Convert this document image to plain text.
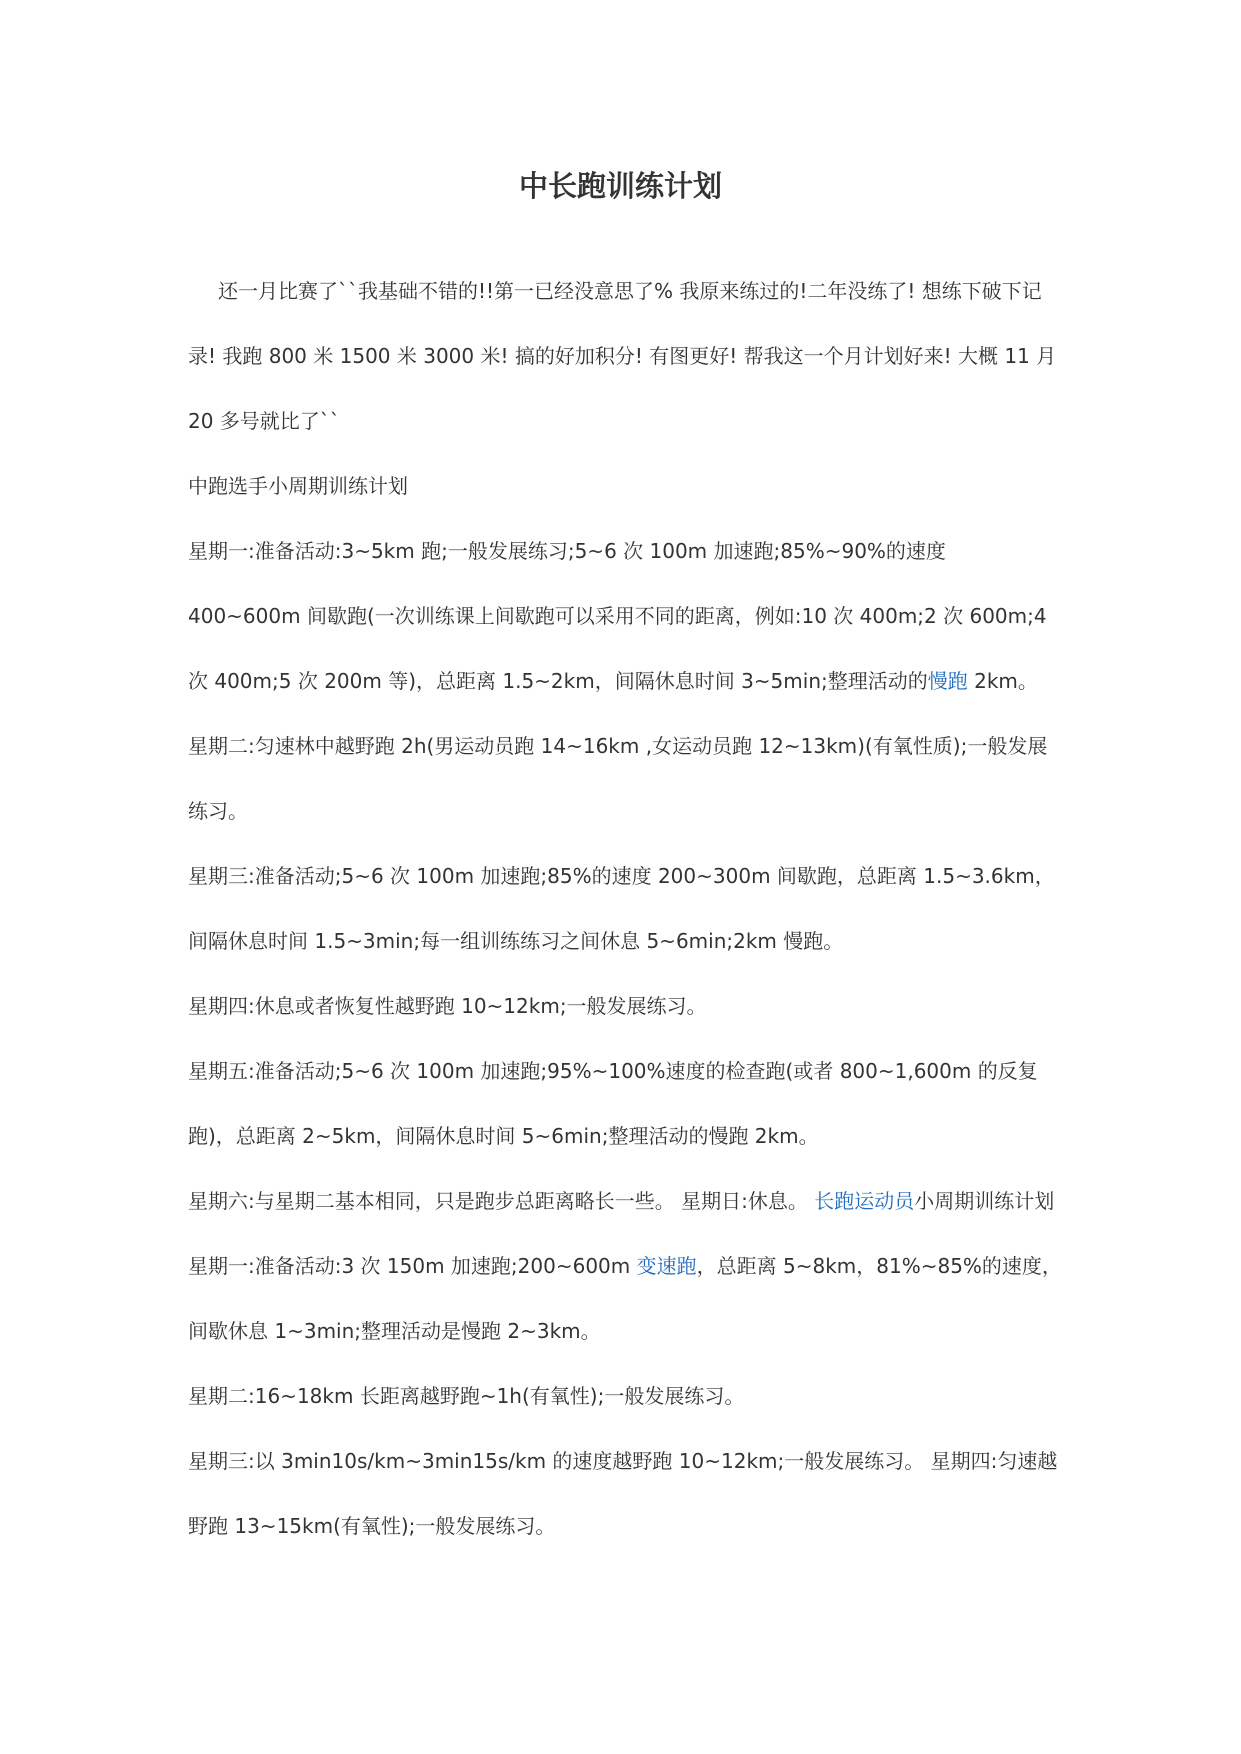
中长跑训练计划

还一月比赛了``我基础不错的!!第一已经没意思了% 我原来练过的!二年没练了! 想练下破下记录! 我跑 800 米 1500 米 3000 米! 搞的好加积分! 有图更好! 帮我这一个月计划好来! 大概 11 月 20 多号就比了``

中跑选手小周期训练计划

星期一:准备活动:3~5km 跑;一般发展练习;5~6 次 100m 加速跑;85%~90%的速度 400~600m 间歇跑(一次训练课上间歇跑可以采用不同的距离，例如:10 次 400m;2 次 600m;4 次 400m;5 次 200m 等)，总距离 1.5~2km，间隔休息时间 3~5min;整理活动的慢跑 2km。

星期二:匀速林中越野跑 2h(男运动员跑 14~16km ,女运动员跑 12~13km)(有氧性质);一般发展练习。

星期三:准备活动;5~6 次 100m 加速跑;85%的速度 200~300m 间歇跑，总距离 1.5~3.6km，间隔休息时间 1.5~3min;每一组训练练习之间休息 5~6min;2km 慢跑。

星期四:休息或者恢复性越野跑 10~12km;一般发展练习。

星期五:准备活动;5~6 次 100m 加速跑;95%~100%速度的检查跑(或者 800~1,600m 的反复跑)，总距离 2~5km，间隔休息时间 5~6min;整理活动的慢跑 2km。

星期六:与星期二基本相同，只是跑步总距离略长一些。 星期日:休息。 长跑运动员小周期训练计划

星期一:准备活动:3 次 150m 加速跑;200~600m 变速跑，总距离 5~8km，81%~85%的速度，间歇休息 1~3min;整理活动是慢跑 2~3km。

星期二:16~18km 长距离越野跑~1h(有氧性);一般发展练习。

星期三:以 3min10s/km~3min15s/km 的速度越野跑 10~12km;一般发展练习。 星期四:匀速越野跑 13~15km(有氧性);一般发展练习。
